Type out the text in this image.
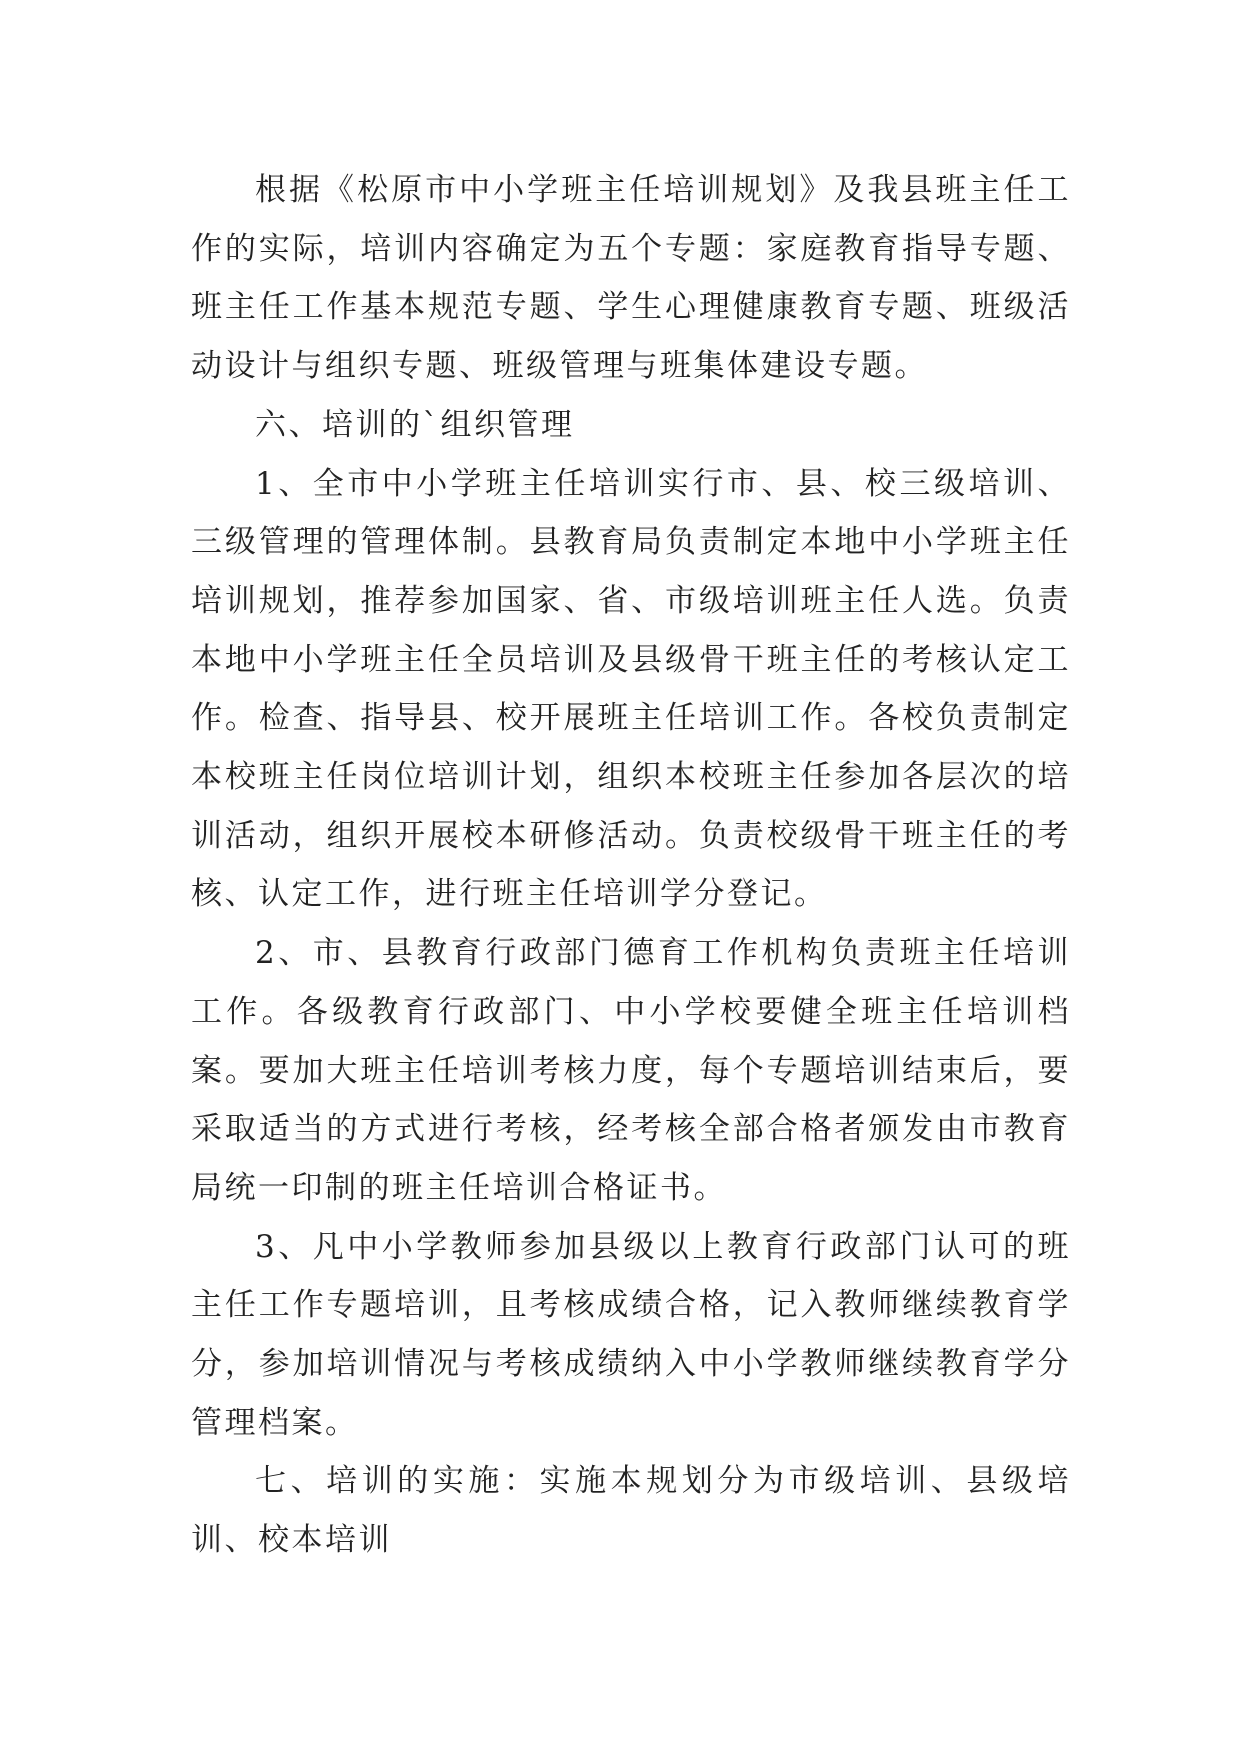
根据《松原市中小学班主任培训规划》及我县班主任工作的实际，培训内容确定为五个专题：家庭教育指导专题、班主任工作基本规范专题、学生心理健康教育专题、班级活动设计与组织专题、班级管理与班集体建设专题。

六、培训的`组织管理

1、全市中小学班主任培训实行市、县、校三级培训、三级管理的管理体制。县教育局负责制定本地中小学班主任培训规划，推荐参加国家、省、市级培训班主任人选。负责本地中小学班主任全员培训及县级骨干班主任的考核认定工作。检查、指导县、校开展班主任培训工作。各校负责制定本校班主任岗位培训计划，组织本校班主任参加各层次的培训活动，组织开展校本研修活动。负责校级骨干班主任的考核、认定工作，进行班主任培训学分登记。

2、市、县教育行政部门德育工作机构负责班主任培训工作。各级教育行政部门、中小学校要健全班主任培训档案。要加大班主任培训考核力度，每个专题培训结束后，要采取适当的方式进行考核，经考核全部合格者颁发由市教育局统一印制的班主任培训合格证书。

3、凡中小学教师参加县级以上教育行政部门认可的班主任工作专题培训，且考核成绩合格，记入教师继续教育学分，参加培训情况与考核成绩纳入中小学教师继续教育学分管理档案。

七、培训的实施：实施本规划分为市级培训、县级培训、校本培训
